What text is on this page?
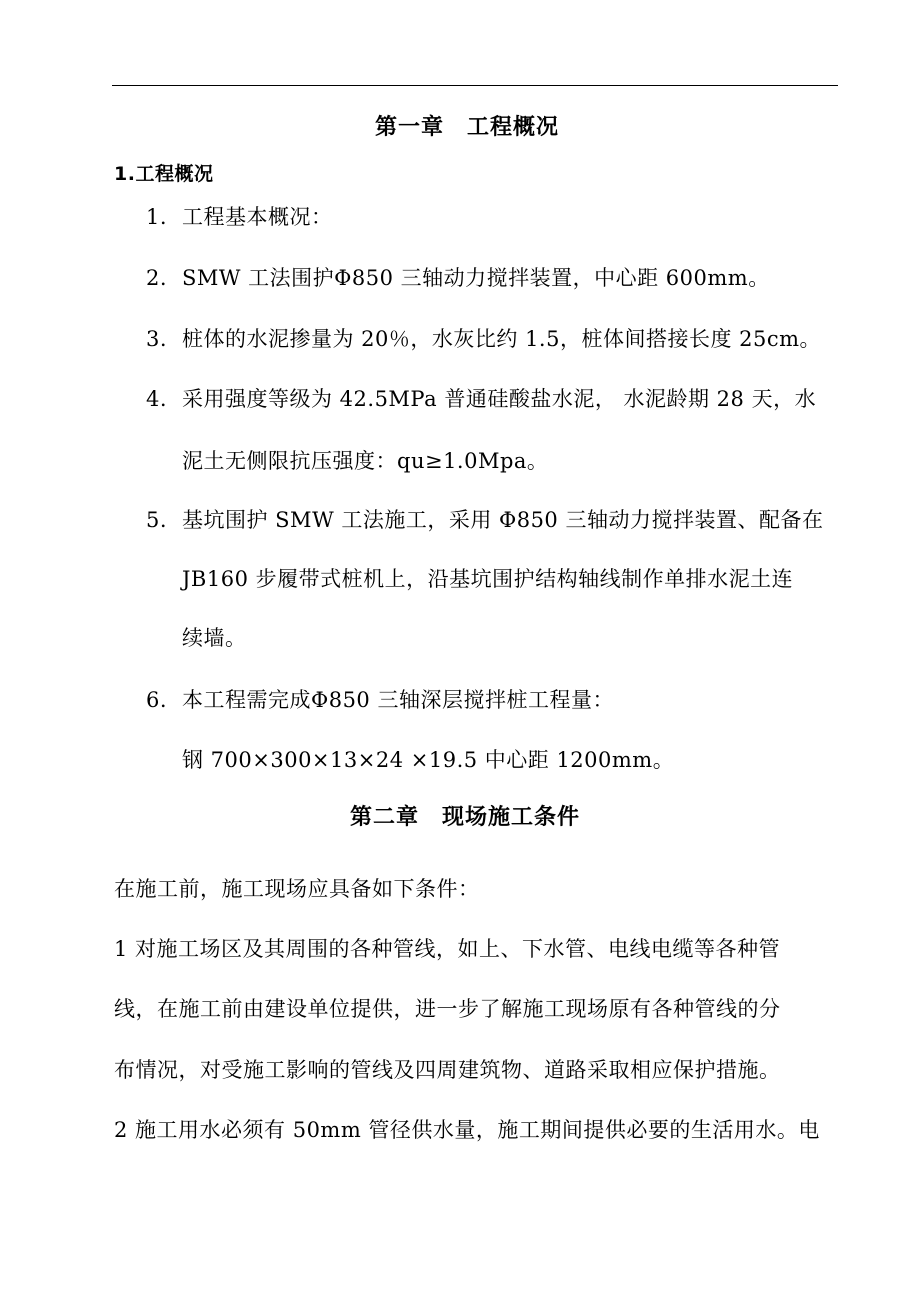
第一章　工程概况
1.工程概况
1. 工程基本概况：
2. SMW 工法围护Φ850 三轴动力搅拌装置，中心距 600mm。
3. 桩体的水泥掺量为 20％，水灰比约 1.5，桩体间搭接长度 25cm。
4. 采用强度等级为 42.5MPa 普通硅酸盐水泥， 水泥龄期 28 天，水
泥土无侧限抗压强度：qu≥1.0Mpa。
5. 基坑围护 SMW 工法施工，采用 Φ850 三轴动力搅拌装置、配备在
JB160 步履带式桩机上，沿基坑围护结构轴线制作单排水泥土连
续墙。
6. 本工程需完成Φ850 三轴深层搅拌桩工程量：
钢 700×300×13×24 ×19.5 中心距 1200mm。
第二章　现场施工条件
在施工前，施工现场应具备如下条件：
1 对施工场区及其周围的各种管线，如上、下水管、电线电缆等各种管
线，在施工前由建设单位提供，进一步了解施工现场原有各种管线的分
布情况，对受施工影响的管线及四周建筑物、道路采取相应保护措施。
2 施工用水必须有 50mm 管径供水量，施工期间提供必要的生活用水。电
